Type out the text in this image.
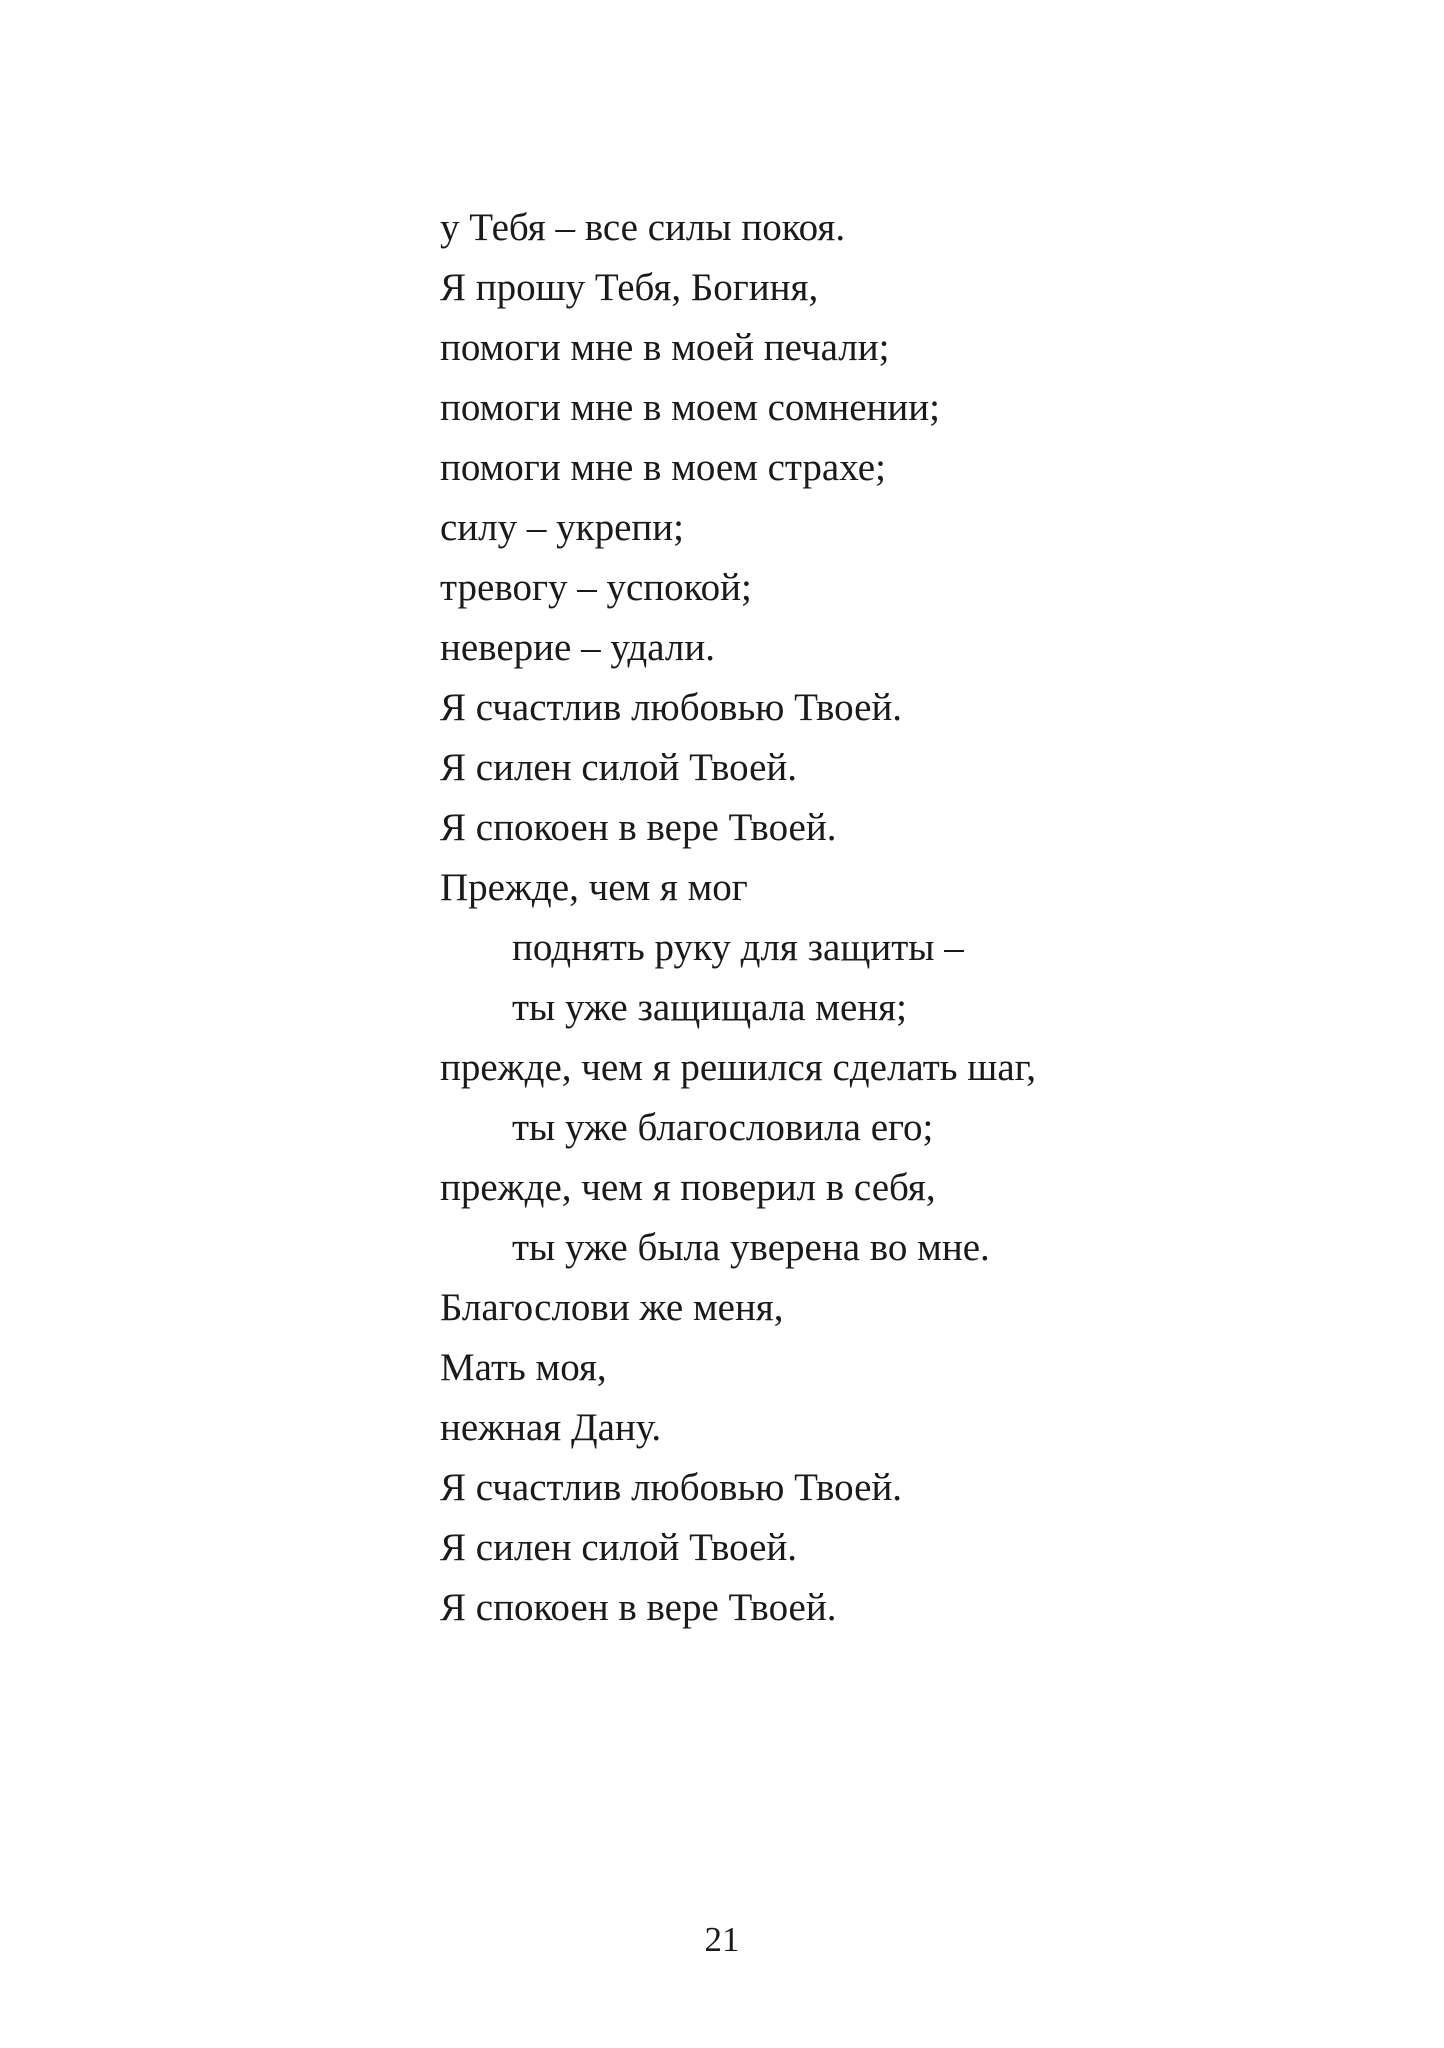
у Тебя – все силы покоя.
Я прошу Тебя, Богиня,
помоги мне в моей печали;
помоги мне в моем сомнении;
помоги мне в моем страхе;
силу – укрепи;
тревогу – успокой;
неверие – удали.
Я счастлив любовью Твоей.
Я силен силой Твоей.
Я спокоен в вере Твоей.
Прежде, чем я мог
поднять руку для защиты –
ты уже защищала меня;
прежде, чем я решился сделать шаг,
ты уже благословила его;
прежде, чем я поверил в себя,
ты уже была уверена во мне.
Благослови же меня,
Мать моя,
нежная Дану.
Я счастлив любовью Твоей.
Я силен силой Твоей.
Я спокоен в вере Твоей.
21
